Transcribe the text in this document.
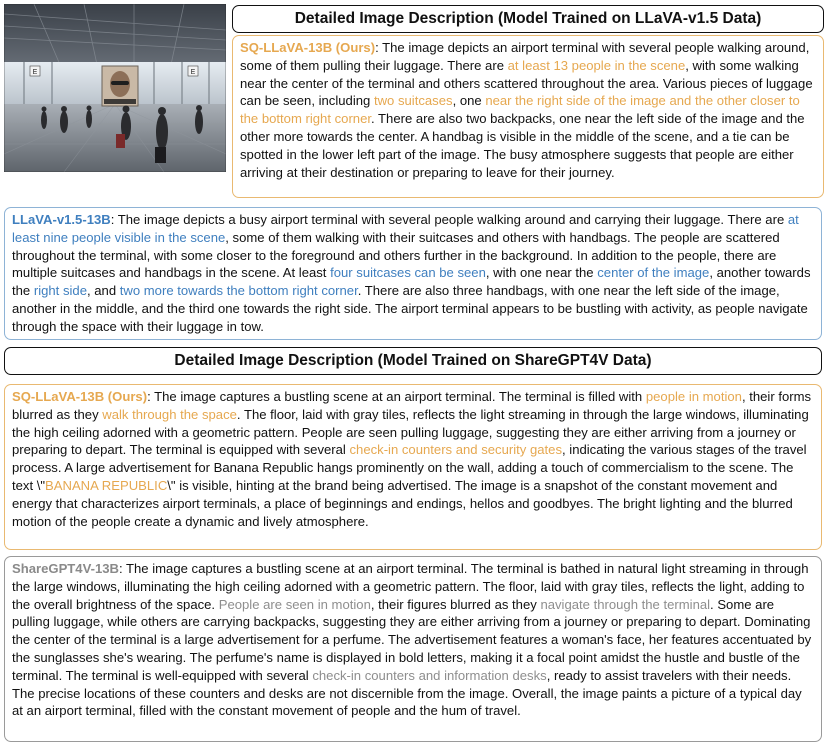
E	E
Detailed Image Description (Model Trained on LLaVA-v1.5 Data)
SQ-LLaVA-13B (Ours): The image depicts an airport terminal with several people walking around, some of them pulling their luggage. There are at least 13 people in the scene, with some walking near the center of the terminal and others scattered throughout the area. Various pieces of luggage can be seen, including two suitcases, one near the right side of the image and the other closer to the bottom right corner. There are also two backpacks, one near the left side of the image and the other more towards the center. A handbag is visible in the middle of the scene, and a tie can be spotted in the lower left part of the image. The busy atmosphere suggests that people are either arriving at their destination or preparing to leave for their journey.
LLaVA-v1.5-13B: The image depicts a busy airport terminal with several people walking around and carrying their luggage. There are at least nine people visible in the scene, some of them walking with their suitcases and others with handbags. The people are scattered throughout the terminal, with some closer to the foreground and others further in the background. In addition to the people, there are multiple suitcases and handbags in the scene. At least four suitcases can be seen, with one near the center of the image, another towards the right side, and two more towards the bottom right corner. There are also three handbags, with one near the left side of the image, another in the middle, and the third one towards the right side. The airport terminal appears to be bustling with activity, as people navigate through the space with their luggage in tow.
Detailed Image Description (Model Trained on ShareGPT4V Data)
SQ-LLaVA-13B (Ours): The image captures a bustling scene at an airport terminal. The terminal is filled with people in motion, their forms blurred as they walk through the space. The floor, laid with gray tiles, reflects the light streaming in through the large windows, illuminating the high ceiling adorned with a geometric pattern. People are seen pulling luggage, suggesting they are either arriving from a journey or preparing to depart. The terminal is equipped with several check-in counters and security gates, indicating the various stages of the travel process. A large advertisement for Banana Republic hangs prominently on the wall, adding a touch of commercialism to the scene. The text \"BANANA REPUBLIC\" is visible, hinting at the brand being advertised. The image is a snapshot of the constant movement and energy that characterizes airport terminals, a place of beginnings and endings, hellos and goodbyes. The bright lighting and the blurred motion of the people create a dynamic and lively atmosphere.
ShareGPT4V-13B: The image captures a bustling scene at an airport terminal. The terminal is bathed in natural light streaming in through the large windows, illuminating the high ceiling adorned with a geometric pattern. The floor, laid with gray tiles, reflects the light, adding to the overall brightness of the space. People are seen in motion, their figures blurred as they navigate through the terminal. Some are pulling luggage, while others are carrying backpacks, suggesting they are either arriving from a journey or preparing to depart. Dominating the center of the terminal is a large advertisement for a perfume. The advertisement features a woman's face, her features accentuated by the sunglasses she's wearing. The perfume's name is displayed in bold letters, making it a focal point amidst the hustle and bustle of the terminal. The terminal is well-equipped with several check-in counters and information desks, ready to assist travelers with their needs. The precise locations of these counters and desks are not discernible from the image. Overall, the image paints a picture of a typical day at an airport terminal, filled with the constant movement of people and the hum of travel.
